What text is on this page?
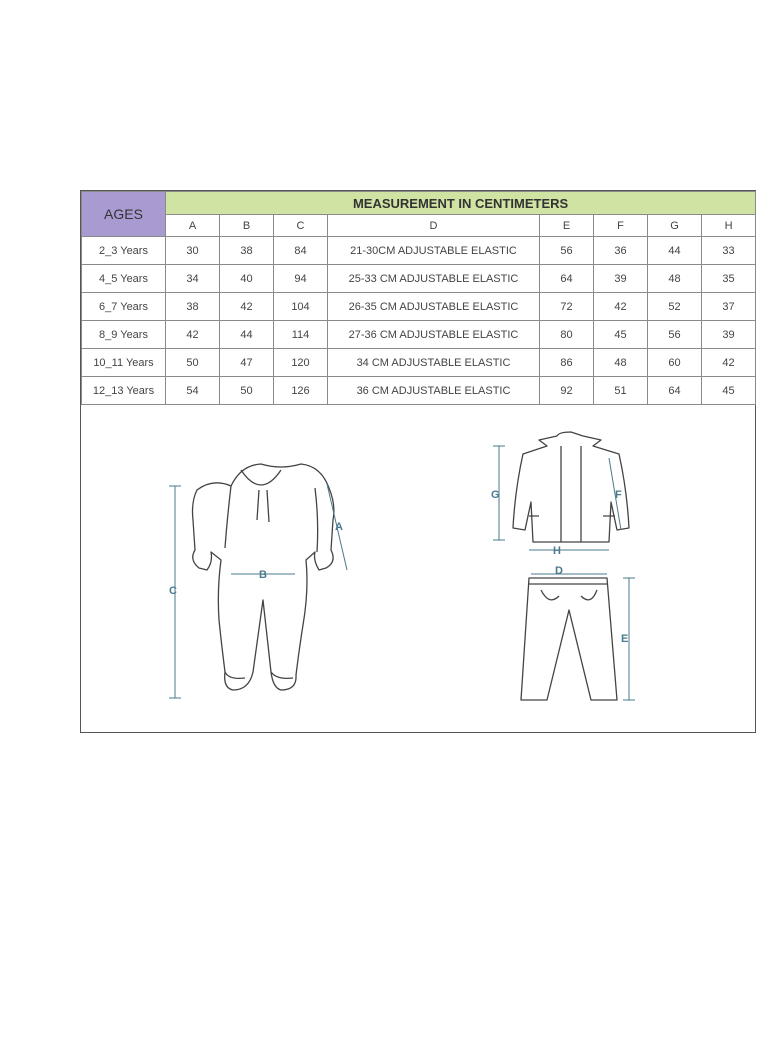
AGES	MEASUREMENT IN CENTIMETERS							
	A	B	C	D	E	F	G	H
2_3 Years	30	38	84	21-30CM ADJUSTABLE ELASTIC	56	36	44	33
4_5 Years	34	40	94	25-33 CM ADJUSTABLE ELASTIC	64	39	48	35
6_7 Years	38	42	104	26-35 CM ADJUSTABLE ELASTIC	72	42	52	37
8_9 Years	42	44	114	27-36 CM ADJUSTABLE ELASTIC	80	45	56	39
10_11 Years	50	47	120	34 CM ADJUSTABLE ELASTIC	86	48	60	42
12_13 Years	54	50	126	36 CM ADJUSTABLE ELASTIC	92	51	64	45
C
A
B
G	F
H
D
E
